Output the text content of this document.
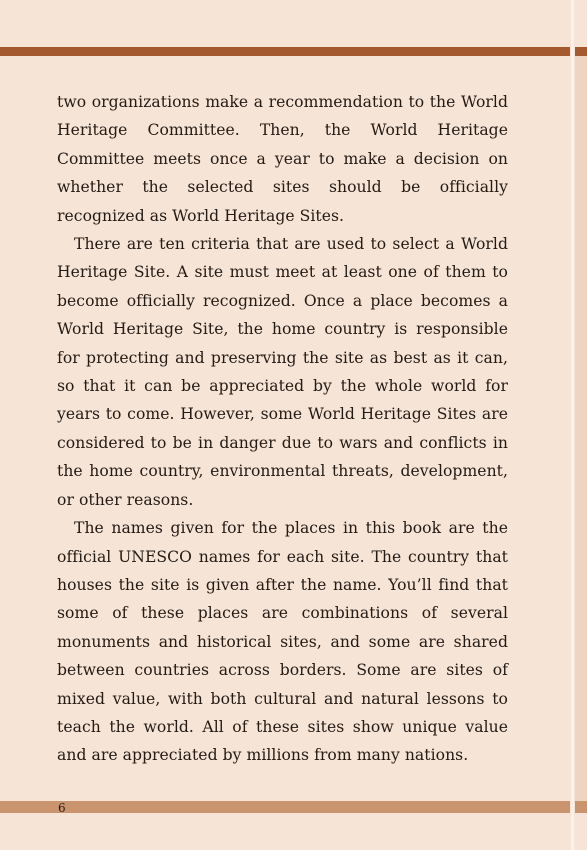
two organizations make a recommendation to the World Heritage Committee. Then, the World Heritage Committee meets once a year to make a decision on whether the selected sites should be officially recognized as World Heritage Sites.

There are ten criteria that are used to select a World Heritage Site. A site must meet at least one of them to become officially recognized. Once a place becomes a World Heritage Site, the home country is responsible for protecting and preserving the site as best as it can, so that it can be appreciated by the whole world for years to come. However, some World Heritage Sites are considered to be in danger due to wars and conflicts in the home country, environmental threats, development, or other reasons.

The names given for the places in this book are the official UNESCO names for each site. The country that houses the site is given after the name. You’ll find that some of these places are combinations of several monuments and historical sites, and some are shared between countries across borders. Some are sites of mixed value, with both cultural and natural lessons to teach the world. All of these sites show unique value and are appreciated by millions from many nations.

6
